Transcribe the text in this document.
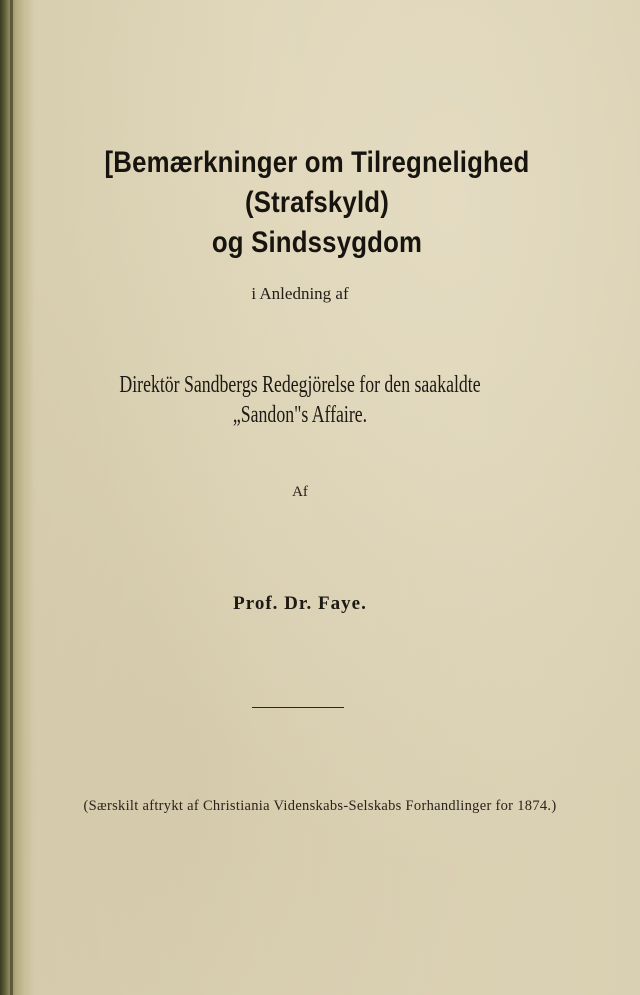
[Bemærkninger om Tilregnelighed (Strafskyld)
og Sindssygdom
i Anledning af
Direktör Sandbergs Redegjörelse for den saakaldte „Sandon"s Affaire.
Af
Prof. Dr. Faye.
(Særskilt aftrykt af Christiania Videnskabs-Selskabs Forhandlinger for 1874.)
